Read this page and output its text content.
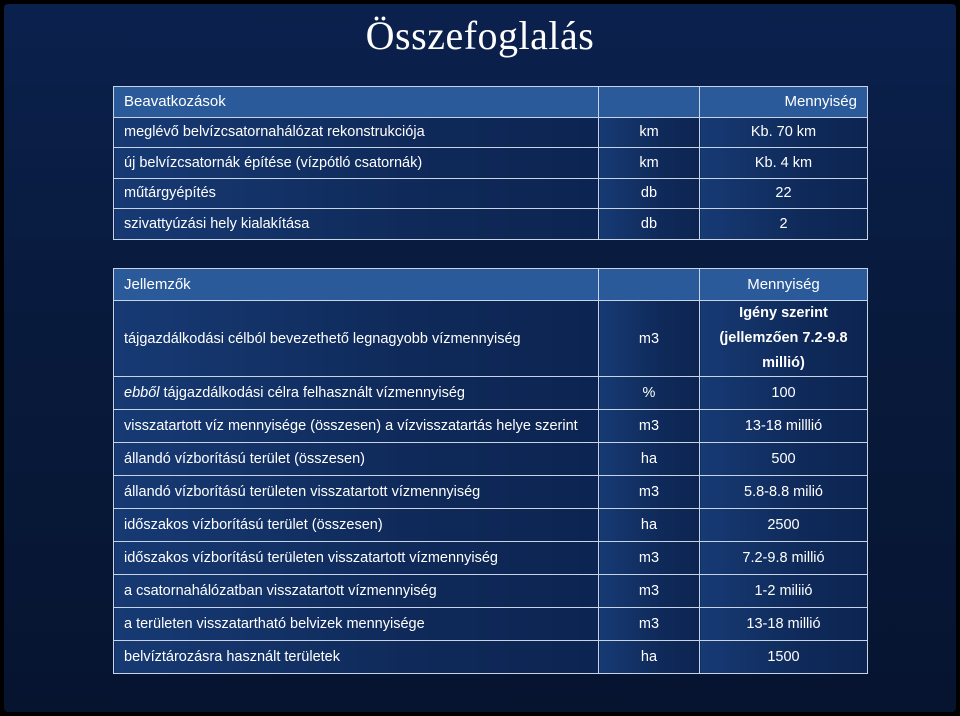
Összefoglalás
Beavatkozások		Mennyiség
meglévő belvízcsatornahálózat rekonstrukciója	km	Kb. 70 km
új belvízcsatornák építése (vízpótló csatornák)	km	Kb. 4 km
műtárgyépítés	db	22
szivattyúzási hely kialakítása	db	2
Jellemzők		Mennyiség
tájgazdálkodási célból bevezethető legnagyobb vízmennyiség	m3	Igény szerint (jellemzően 7.2-9.8 millió)
ebből tájgazdálkodási célra felhasznált vízmennyiség	%	100
visszatartott víz mennyisége (összesen) a vízvisszatartás helye szerint	m3	13-18 milllió
állandó vízborítású terület (összesen)	ha	500
állandó vízborítású területen visszatartott vízmennyiség	m3	5.8-8.8 milió
időszakos vízborítású terület (összesen)	ha	2500
időszakos vízborítású területen visszatartott vízmennyiség	m3	7.2-9.8 millió
a csatornahálózatban visszatartott vízmennyiség	m3	1-2 miliió
a területen visszatartható belvizek mennyisége	m3	13-18 millió
belvíztározásra használt területek	ha	1500
